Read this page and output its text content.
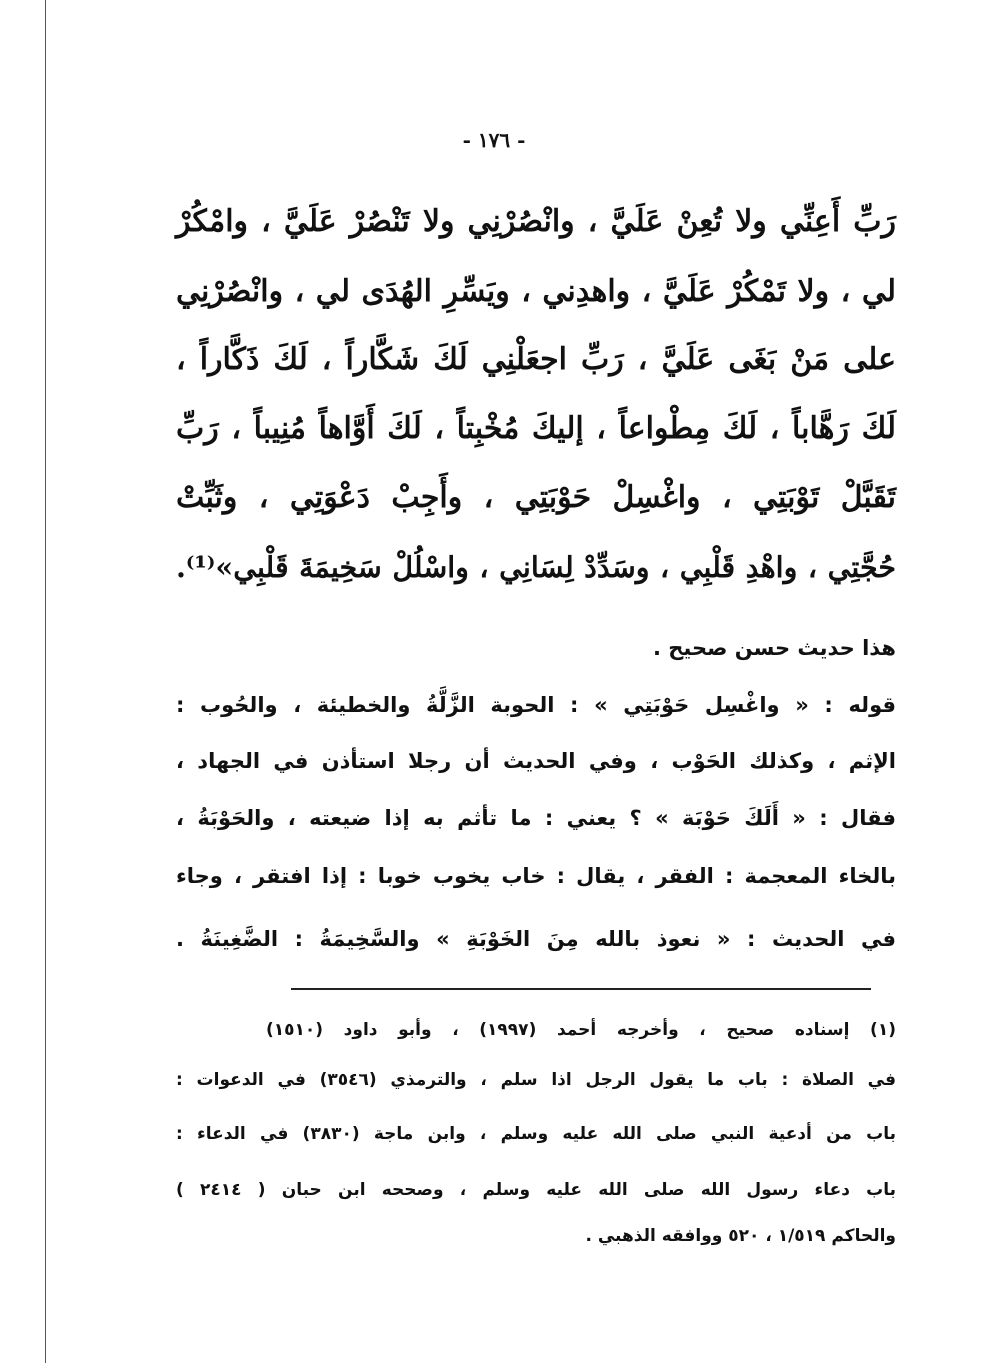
- ١٧٦ -
رَبِّ أَعِنِّي ولا تُعِنْ عَلَيَّ ، وانْصُرْنِي ولا تَنْصُرْ عَلَيَّ ، وامْكُرْ
لي ، ولا تَمْكُرْ عَلَيَّ ، واهدِني ، ويَسِّرِ الهُدَى لي ، وانْصُرْنِي
على مَنْ بَغَى عَلَيَّ ، رَبِّ اجعَلْنِي لَكَ شَكَّاراً ، لَكَ ذَكَّاراً ،
لَكَ رَهَّاباً ، لَكَ مِطْواعاً ، إليكَ مُخْبِتاً ، لَكَ أَوَّاهاً مُنِيباً ، رَبِّ
تَقَبَّلْ تَوْبَتِي ، واغْسِلْ حَوْبَتِي ، وأَجِبْ دَعْوَتِي ، وثَبِّتْ
حُجَّتِي ، واهْدِ قَلْبِي ، وسَدِّدْ لِسَانِي ، واسْلُلْ سَخِيمَةَ قَلْبِي»⁽¹⁾.
هذا حديث حسن صحيح .
قوله : « واغْسِل حَوْبَتِي » : الحوبة الزَّلَّةُ والخطيئة ، والحُوب :
الإثم ، وكذلك الحَوْب ، وفي الحديث أن رجلا استأذن في الجهاد ،
فقال : « أَلَكَ حَوْبَة » ؟ يعني : ما تأثم به إذا ضيعته ، والحَوْبَةُ ،
بالخاء المعجمة : الفقر ، يقال : خاب يخوب خوبا : إذا افتقر ، وجاء
في الحديث : « نعوذ بالله مِنَ الخَوْبَةِ » والسَّخِيمَةُ : الضَّغِينَةُ .
(١) إسناده صحيح ، وأخرجه أحمد (١٩٩٧) ، وأبو داود (١٥١٠)
في الصلاة : باب ما يقول الرجل اذا سلم ، والترمذي (٣٥٤٦) في الدعوات :
باب من أدعية النبي صلى الله عليه وسلم ، وابن ماجة (٣٨٣٠) في الدعاء :
باب دعاء رسول الله صلى الله عليه وسلم ، وصححه ابن حبان ( ٢٤١٤ )
والحاكم ١/٥١٩ ، ٥٢٠ ووافقه الذهبي .
